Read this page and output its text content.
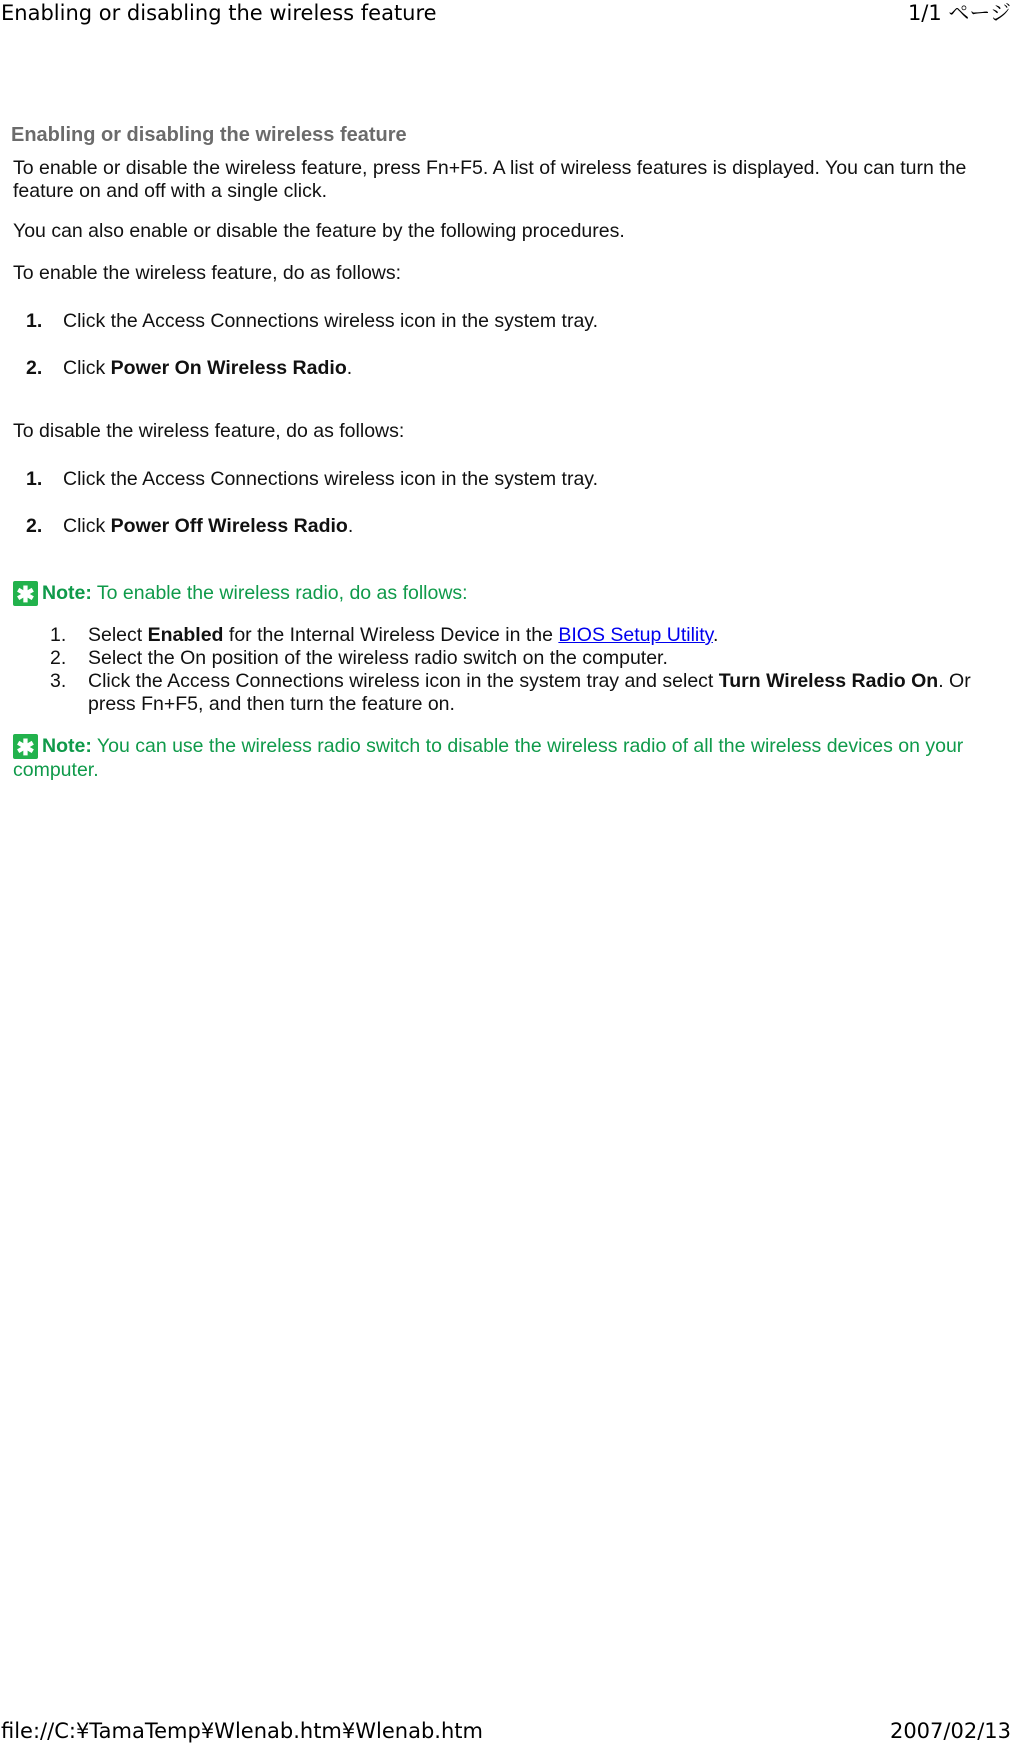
Enabling or disabling the wireless feature	1/1 ページ
Enabling or disabling the wireless feature

To enable or disable the wireless feature, press Fn+F5. A list of wireless features is displayed. You can turn the feature on and off with a single click.

You can also enable or disable the feature by the following procedures.

To enable the wireless feature, do as follows:

1. Click the Access Connections wireless icon in the system tray.
2. Click Power On Wireless Radio.

To disable the wireless feature, do as follows:

1. Click the Access Connections wireless icon in the system tray.
2. Click Power Off Wireless Radio.

✱ Note: To enable the wireless radio, do as follows:

1. Select Enabled for the Internal Wireless Device in the BIOS Setup Utility.
2. Select the On position of the wireless radio switch on the computer.
3. Click the Access Connections wireless icon in the system tray and select Turn Wireless Radio On. Or press Fn+F5, and then turn the feature on.

✱ Note: You can use the wireless radio switch to disable the wireless radio of all the wireless devices on your computer.

file://C:¥TamaTemp¥Wlenab.htm¥Wlenab.htm	2007/02/13
